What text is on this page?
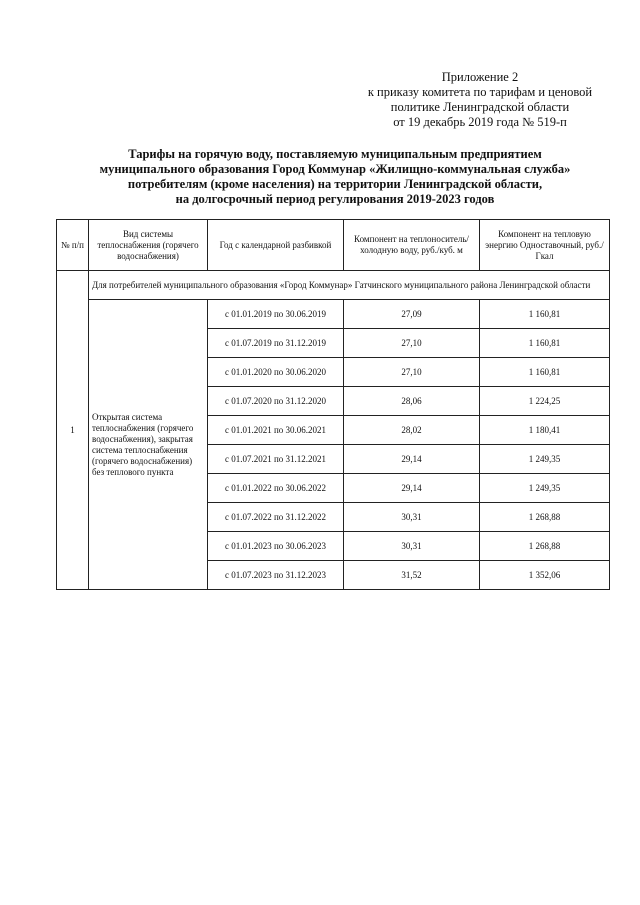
Приложение 2
к приказу комитета по тарифам и ценовой
политике Ленинградской области
от 19 декабрь 2019 года № 519-п
Тарифы на горячую воду, поставляемую муниципальным предприятием
муниципального образования Город Коммунар «Жилищно-коммунальная служба»
потребителям (кроме населения) на территории Ленинградской области,
на долгосрочный период регулирования 2019-2023 годов
№ п/п	Вид системы теплоснабжения (горячего водоснабжения)	Год с календарной разбивкой	Компонент на теплоноситель/холодную воду, руб./куб. м	Компонент на тепловую энергию Одноставочный, руб./Гкал
1	Для потребителей муниципального образования «Город Коммунар» Гатчинского муниципального района Ленинградской области			
	Открытая система теплоснабжения (горячего водоснабжения), закрытая система теплоснабжения (горячего водоснабжения) без теплового пункта	с 01.01.2019 по 30.06.2019	27,09	1 160,81
		с 01.07.2019 по 31.12.2019	27,10	1 160,81
		с 01.01.2020 по 30.06.2020	27,10	1 160,81
		с 01.07.2020 по 31.12.2020	28,06	1 224,25
		с 01.01.2021 по 30.06.2021	28,02	1 180,41
		с 01.07.2021 по 31.12.2021	29,14	1 249,35
		с 01.01.2022 по 30.06.2022	29,14	1 249,35
		с 01.07.2022 по 31.12.2022	30,31	1 268,88
		с 01.01.2023 по 30.06.2023	30,31	1 268,88
		с 01.07.2023 по 31.12.2023	31,52	1 352,06
